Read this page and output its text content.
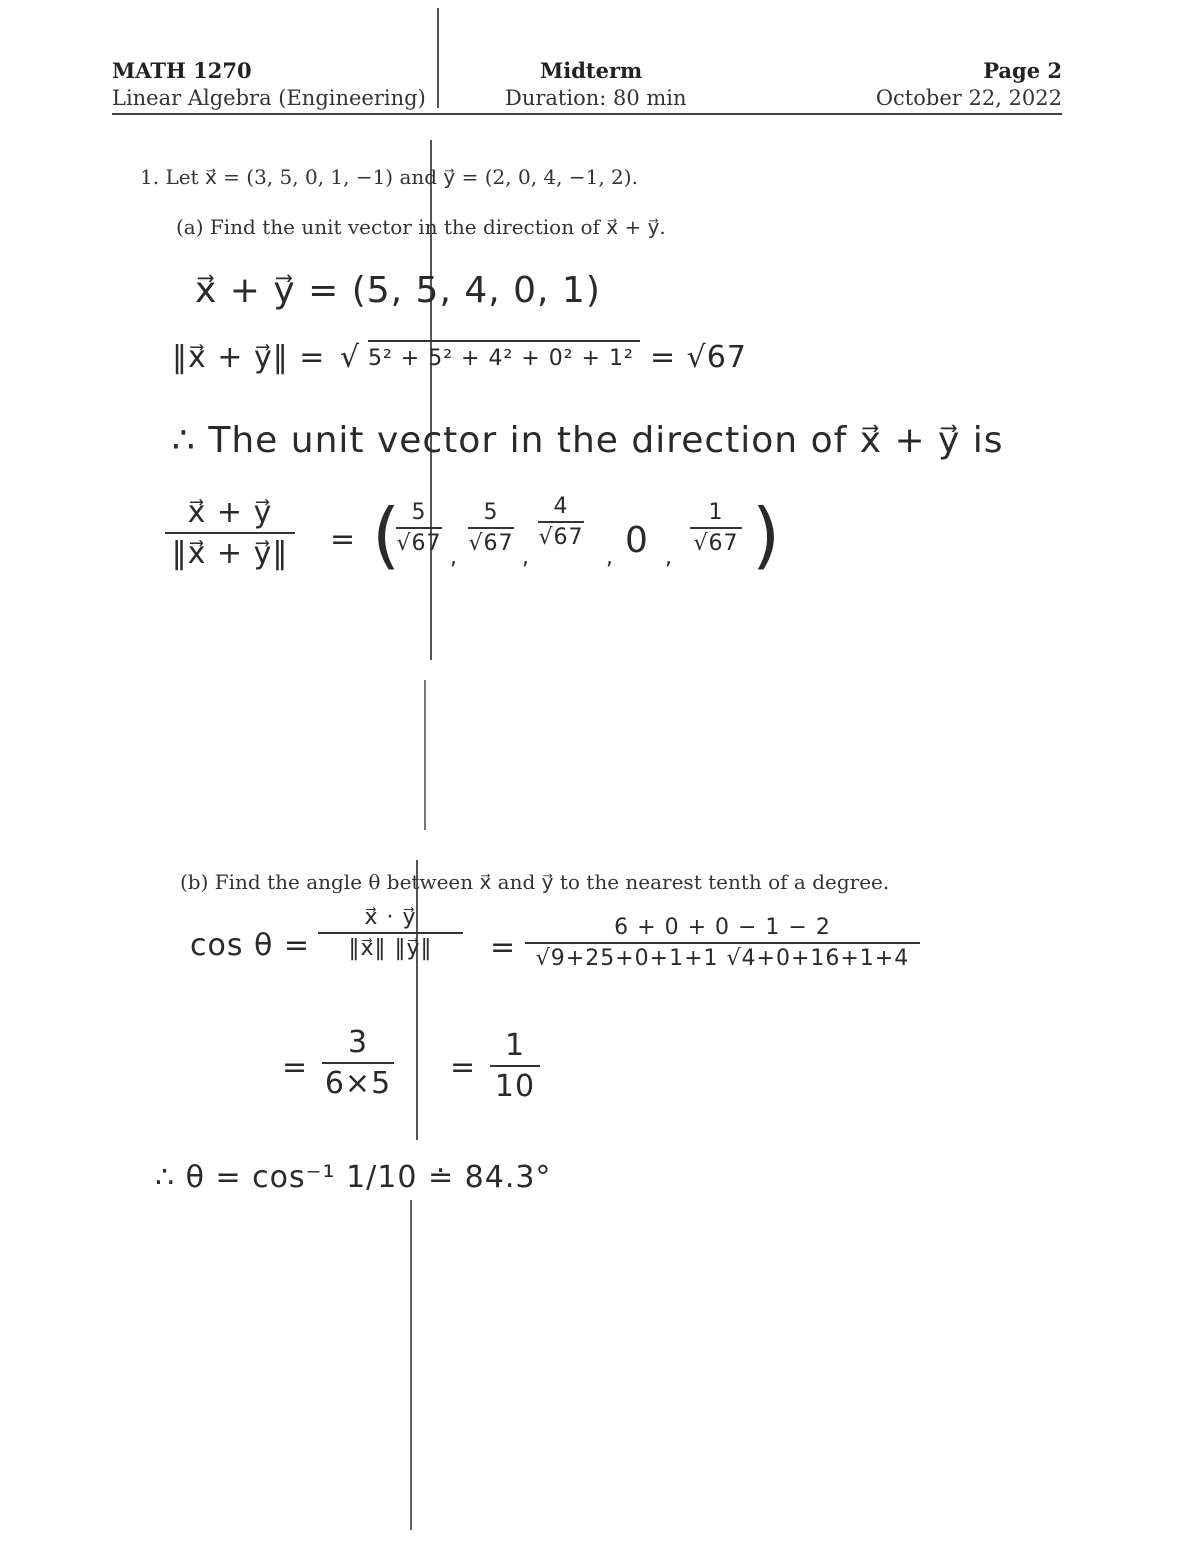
MATH 1270
Linear Algebra (Engineering)
Midterm
Duration: 80 min
Page 2
October 22, 2022
1. Let x⃗ = (3, 5, 0, 1, −1) and y⃗ = (2, 0, 4, −1, 2).
(a) Find the unit vector in the direction of x⃗ + y⃗.
x⃗ + y⃗ = (5, 5, 4, 0, 1)
‖x⃗ + y⃗‖ = √ 5² + 5² + 4² + 0² + 1² = √67
∴ The unit vector in the direction of x⃗ + y⃗ is
x⃗ + y⃗
‖x⃗ + y⃗‖ = ( 5
√67
,
5
√67
,
4
√67
, 0 ,
1
√67 )
(b) Find the angle θ between x⃗ and y⃗ to the nearest tenth of a degree.
cos θ =
x⃗ · y⃗
‖x⃗‖ ‖y⃗‖	=
6 + 0 + 0 − 1 − 2
√9+25+0+1+1 √4+0+16+1+4
=
3
6×5 =
1
10
∴ θ = cos⁻¹ 1/10 ≐ 84.3°
